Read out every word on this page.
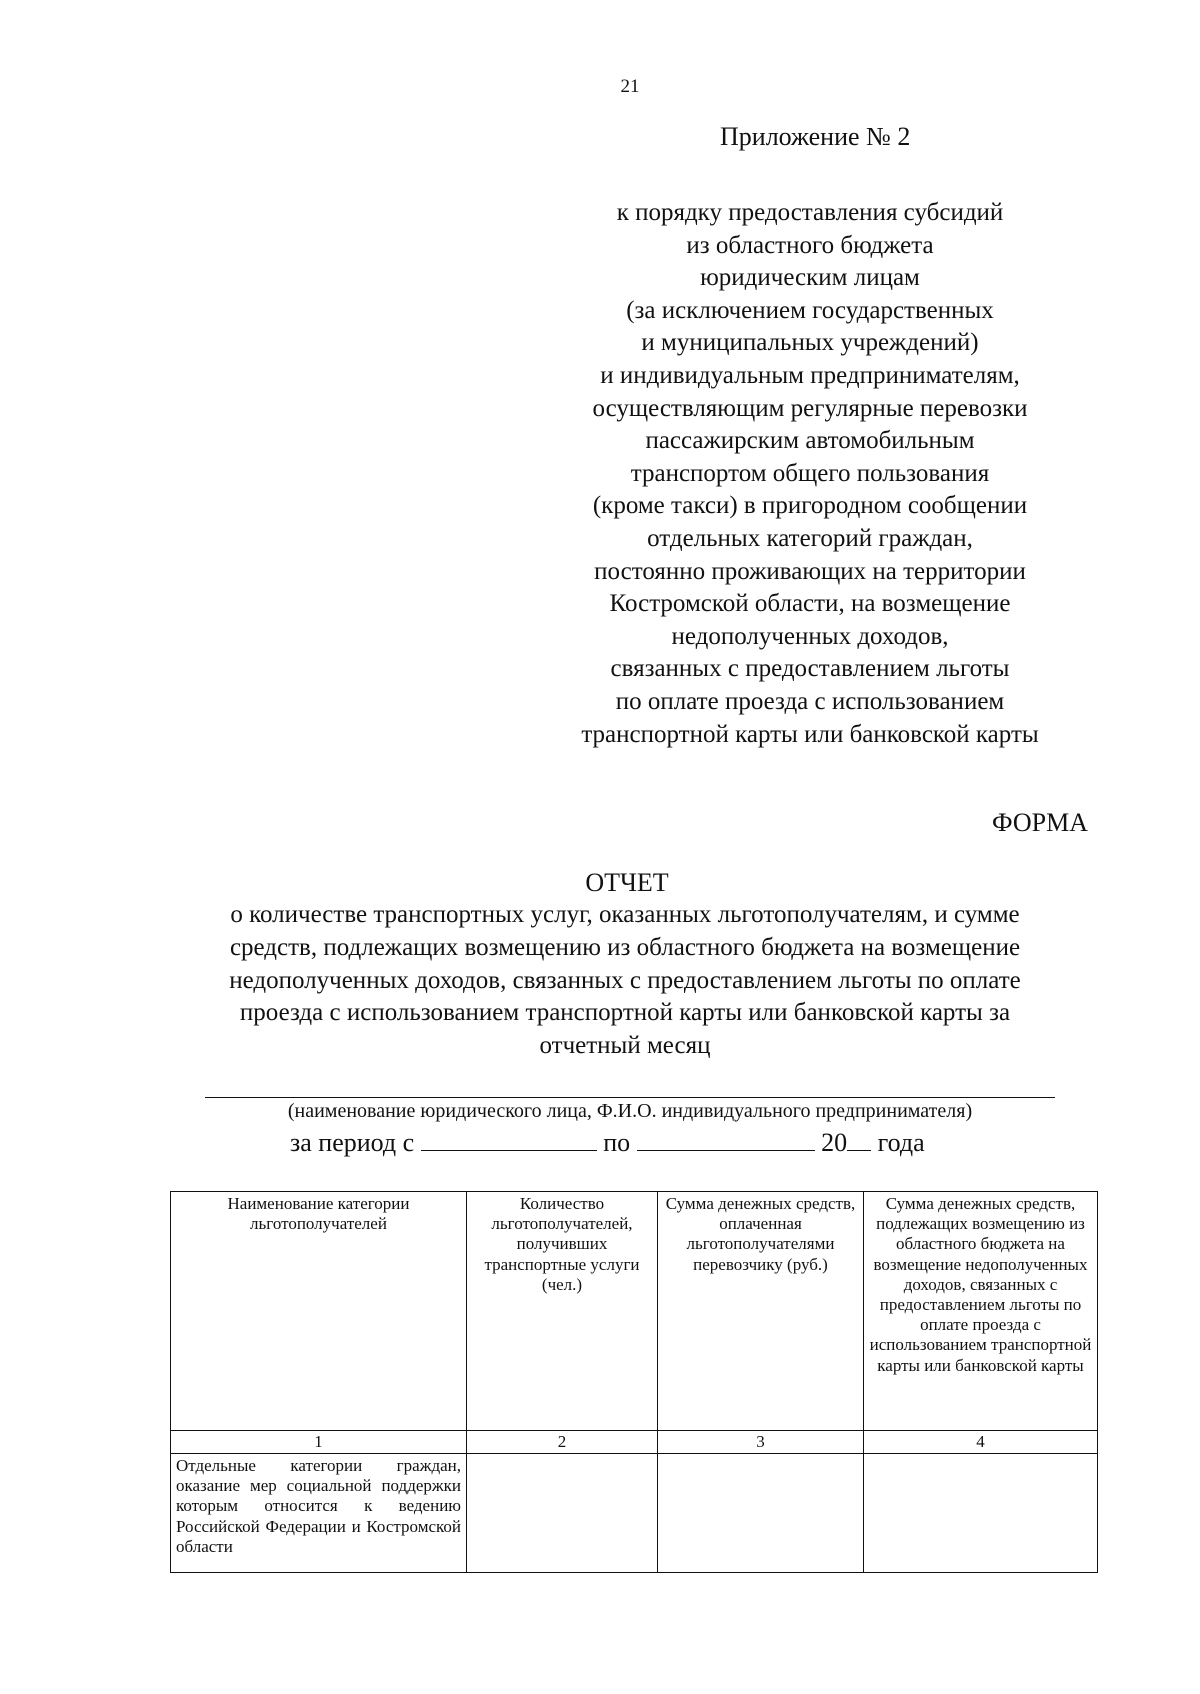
21
Приложение № 2
к порядку предоставления субсидий
из областного бюджета
юридическим лицам
(за исключением государственных
и муниципальных учреждений)
и индивидуальным предпринимателям,
осуществляющим регулярные перевозки
пассажирским автомобильным
транспортом общего пользования
(кроме такси) в пригородном сообщении
отдельных категорий граждан,
постоянно проживающих на территории
Костромской области, на возмещение
недополученных доходов,
связанных с предоставлением льготы
по оплате проезда с использованием
транспортной карты или банковской карты
ФОРМА
ОТЧЕТ
о количестве транспортных услуг, оказанных льготополучателям, и сумме
средств, подлежащих возмещению из областного бюджета на возмещение
недополученных доходов, связанных с предоставлением льготы по оплате
проезда с использованием транспортной карты или банковской карты за
отчетный месяц
(наименование юридического лица, Ф.И.О. индивидуального предпринимателя)
за период с	по	20 года
Наименование категории льготополучателей	Количество льготополучателей, получивших транспортные услуги (чел.)	Сумма денежных средств, оплаченная льготополучателями перевозчику (руб.)	Сумма денежных средств, подлежащих возмещению из областного бюджета на возмещение недополученных доходов, связанных с предоставлением льготы по оплате проезда с использованием транспортной карты или банковской карты
1	2	3	4
Отдельные категории граждан, оказание мер социальной поддержки которым относится к ведению Российской Федерации и Костромской области			
